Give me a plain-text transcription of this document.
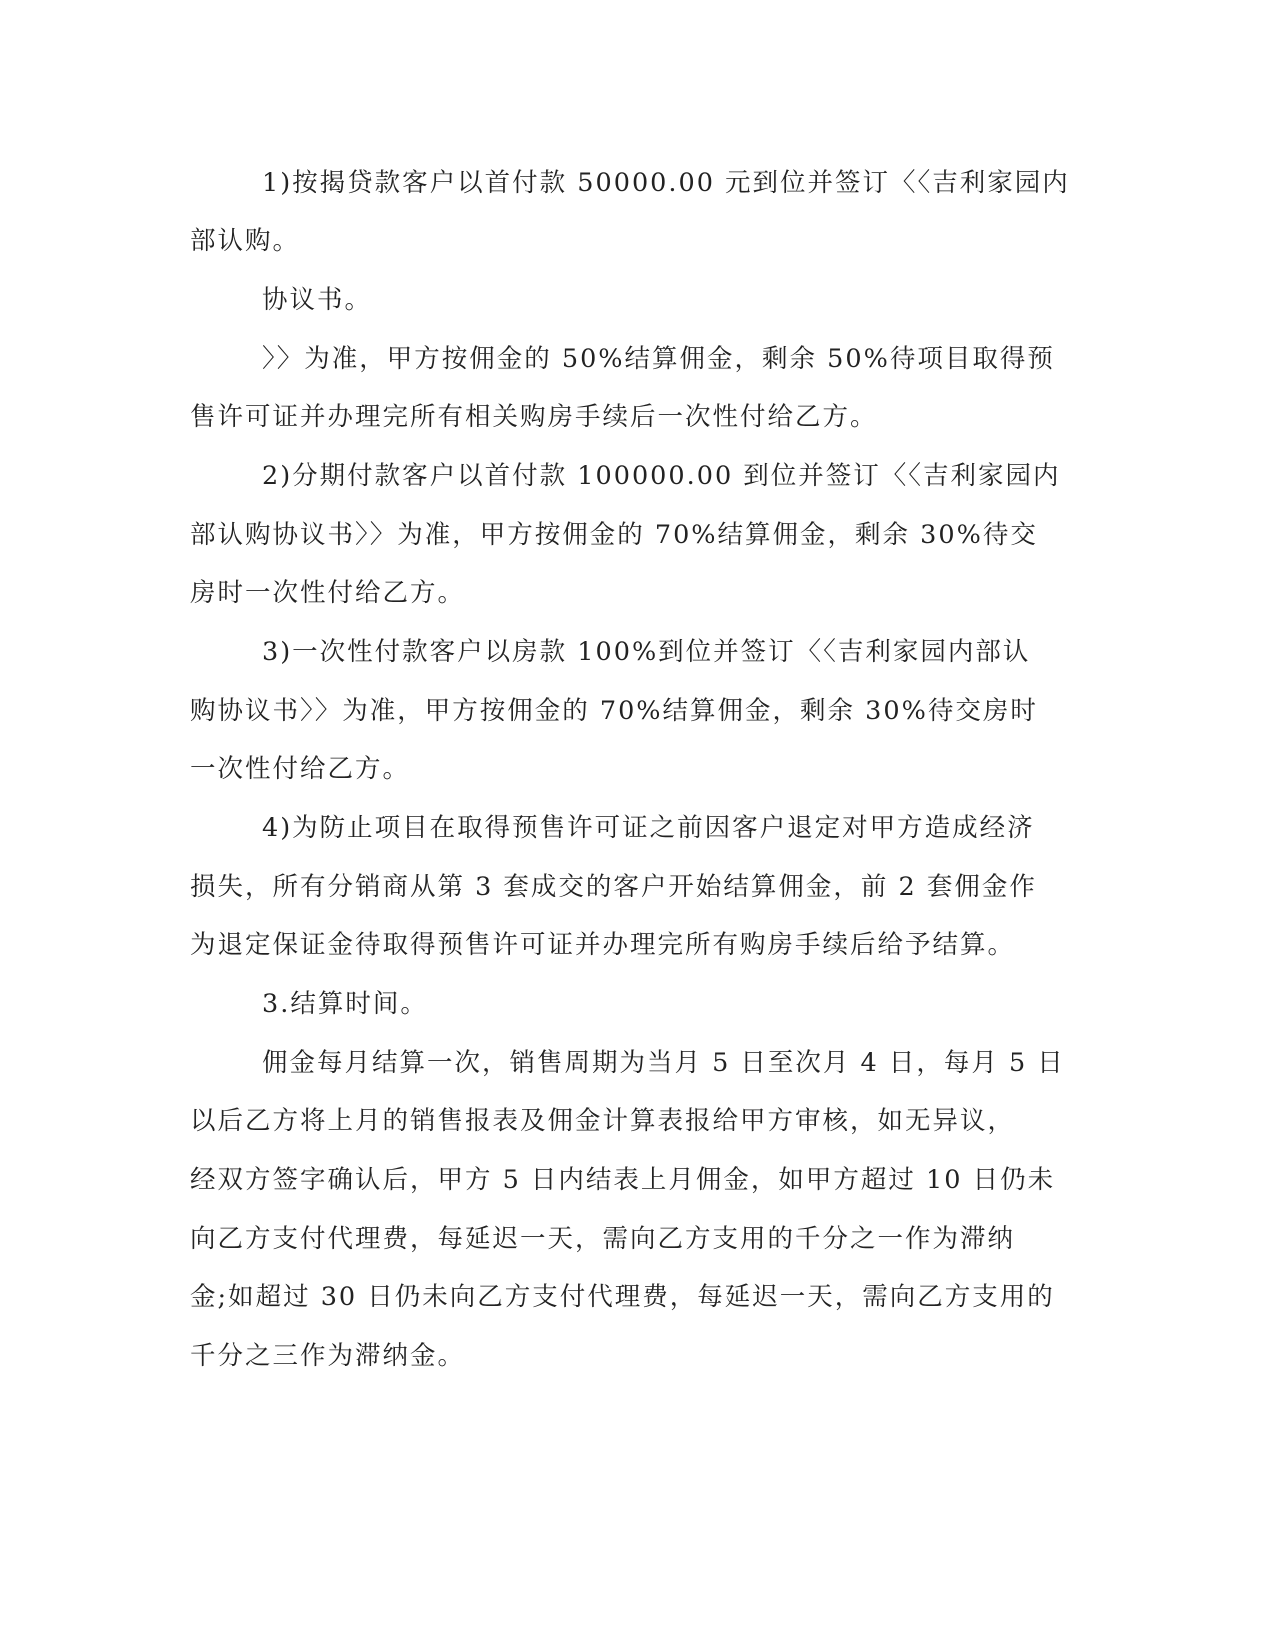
1)按揭贷款客户以首付款 50000.00 元到位并签订〈〈吉利家园内

部认购。

协议书。

〉〉为准，甲方按佣金的 50%结算佣金，剩余 50%待项目取得预

售许可证并办理完所有相关购房手续后一次性付给乙方。

2)分期付款客户以首付款 100000.00 到位并签订〈〈吉利家园内

部认购协议书〉〉为准，甲方按佣金的 70%结算佣金，剩余 30%待交

房时一次性付给乙方。

3)一次性付款客户以房款 100%到位并签订〈〈吉利家园内部认

购协议书〉〉为准，甲方按佣金的 70%结算佣金，剩余 30%待交房时

一次性付给乙方。

4)为防止项目在取得预售许可证之前因客户退定对甲方造成经济

损失，所有分销商从第 3 套成交的客户开始结算佣金，前 2 套佣金作

为退定保证金待取得预售许可证并办理完所有购房手续后给予结算。

3.结算时间。

佣金每月结算一次，销售周期为当月 5 日至次月 4 日，每月 5 日

以后乙方将上月的销售报表及佣金计算表报给甲方审核，如无异议，

经双方签字确认后，甲方 5 日内结表上月佣金，如甲方超过 10 日仍未

向乙方支付代理费，每延迟一天，需向乙方支用的千分之一作为滞纳

金;如超过 30 日仍未向乙方支付代理费，每延迟一天，需向乙方支用的

千分之三作为滞纳金。
